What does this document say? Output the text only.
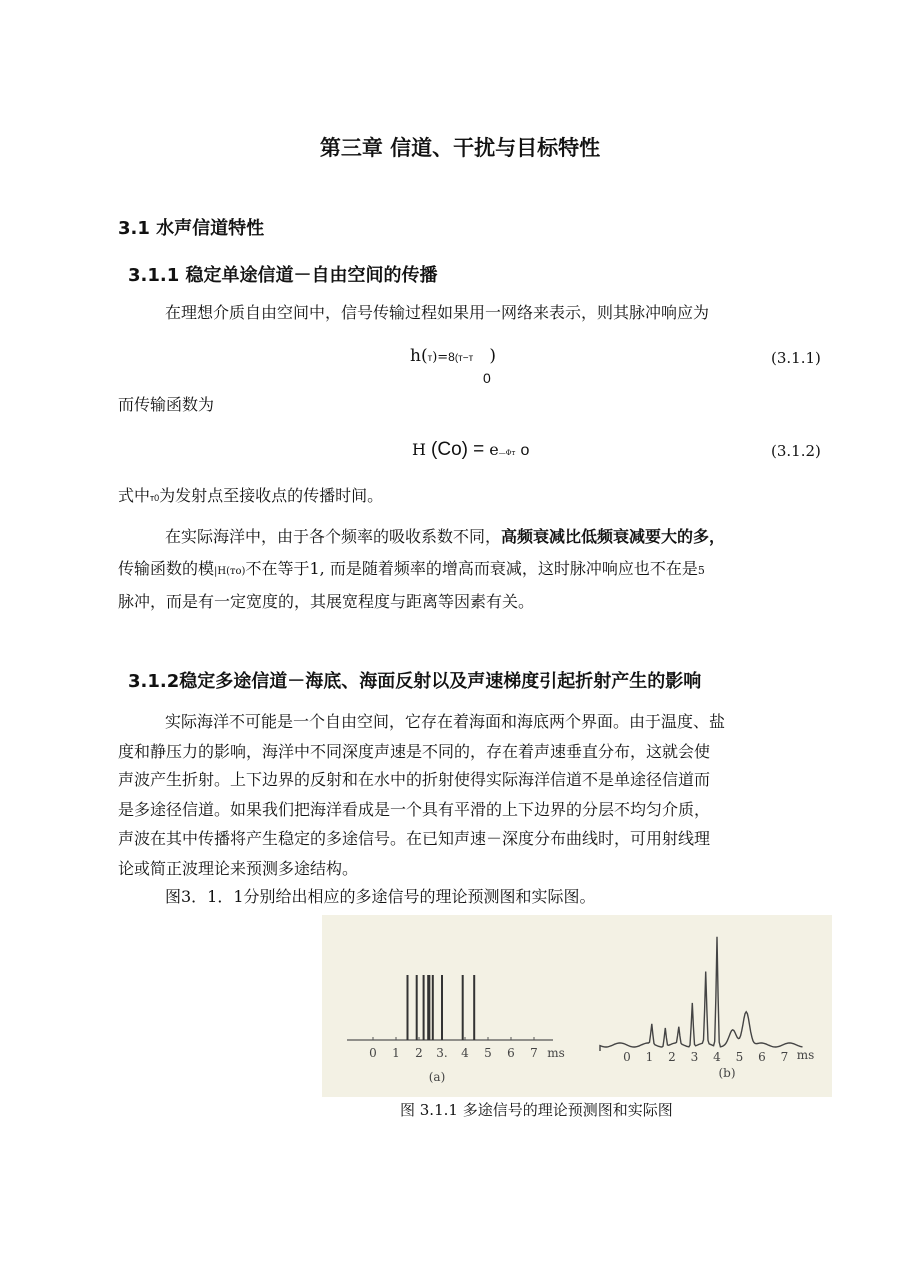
第三章 信道、干扰与目标特性
3.1 水声信道特性
3.1.1 稳定单途信道－自由空间的传播
在理想介质自由空间中，信号传输过程如果用一网络来表示，则其脉冲响应为
h(т)=8(т−т )
0
(3.1.1)
而传输函数为
H (Co) = e—Φт o	(3.1.2)
式中т0为发射点至接收点的传播时间。
在实际海洋中，由于各个频率的吸收系数不同，高频衰减比低频衰减要大的多，
传输函数的模|H(тo)不在等于1, 而是随着频率的增高而衰减，这时脉冲响应也不在是5
脉冲，而是有一定宽度的，其展宽程度与距离等因素有关。
3.1.2稳定多途信道－海底、海面反射以及声速梯度引起折射产生的影响
实际海洋不可能是一个自由空间，它存在着海面和海底两个界面。由于温度、盐
度和静压力的影响，海洋中不同深度声速是不同的，存在着声速垂直分布，这就会使
声波产生折射。上下边界的反射和在水中的折射使得实际海洋信道不是单途径信道而
是多途径信道。如果我们把海洋看成是一个具有平滑的上下边界的分层不均匀介质，
声波在其中传播将产生稳定的多途信号。在已知声速－深度分布曲线时，可用射线理
论或简正波理论来预测多途结构。
图3．1．1分别给出相应的多途信号的理论预测图和实际图。
0 1 2 3. 4 5 6 7 ms
(a)
0 1 2 3 4 5 6 7 ms
(b)
图 3.1.1 多途信号的理论预测图和实际图
